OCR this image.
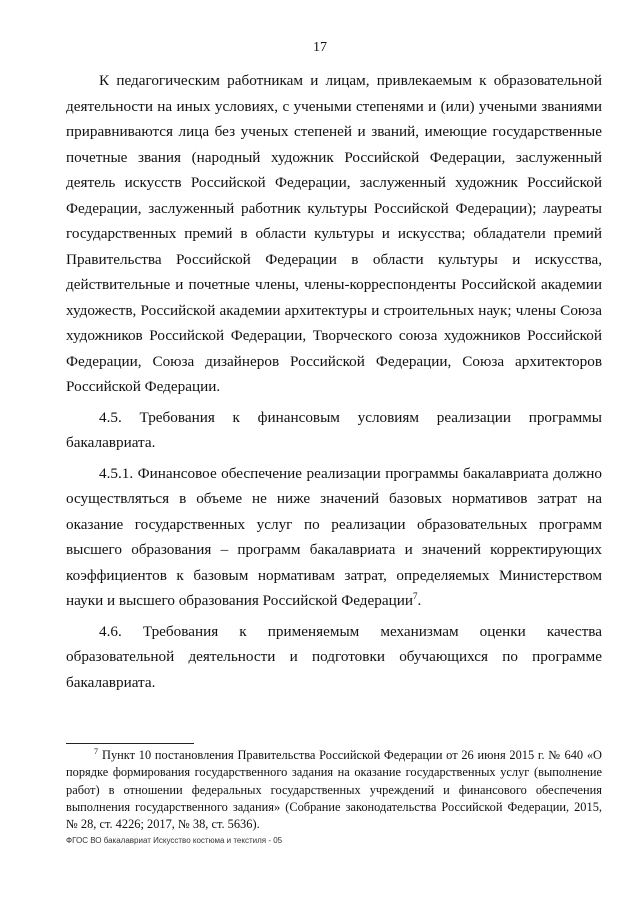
17

К педагогическим работникам и лицам, привлекаемым к образовательной деятельности на иных условиях, с учеными степенями и (или) учеными званиями приравниваются лица без ученых степеней и званий, имеющие государственные почетные звания (народный художник Российской Федерации, заслуженный деятель искусств Российской Федерации, заслуженный художник Российской Федерации, заслуженный работник культуры Российской Федерации); лауреаты государственных премий в области культуры и искусства; обладатели премий Правительства Российской Федерации в области культуры и искусства, действительные и почетные члены, члены-корреспонденты Российской академии художеств, Российской академии архитектуры и строительных наук; члены Союза художников Российской Федерации, Творческого союза художников Российской Федерации, Союза дизайнеров Российской Федерации, Союза архитекторов Российской Федерации.

4.5. Требования к финансовым условиям реализации программы бакалавриата.

4.5.1. Финансовое обеспечение реализации программы бакалавриата должно осуществляться в объеме не ниже значений базовых нормативов затрат на оказание государственных услуг по реализации образовательных программ высшего образования – программ бакалавриата и значений корректирующих коэффициентов к базовым нормативам затрат, определяемых Министерством науки и высшего образования Российской Федерации$^7$.

4.6. Требования к применяемым механизмам оценки качества образовательной деятельности и подготовки обучающихся по программе бакалавриата.

$^7$ Пункт 10 постановления Правительства Российской Федерации от 26 июня 2015 г. № 640 «О порядке формирования государственного задания на оказание государственных услуг (выполнение работ) в отношении федеральных государственных учреждений и финансового обеспечения выполнения государственного задания» (Собрание законодательства Российской Федерации, 2015, № 28, ст. 4226; 2017, № 38, ст. 5636).
ФГОС ВО бакалавриат Искусство костюма и текстиля - 05
